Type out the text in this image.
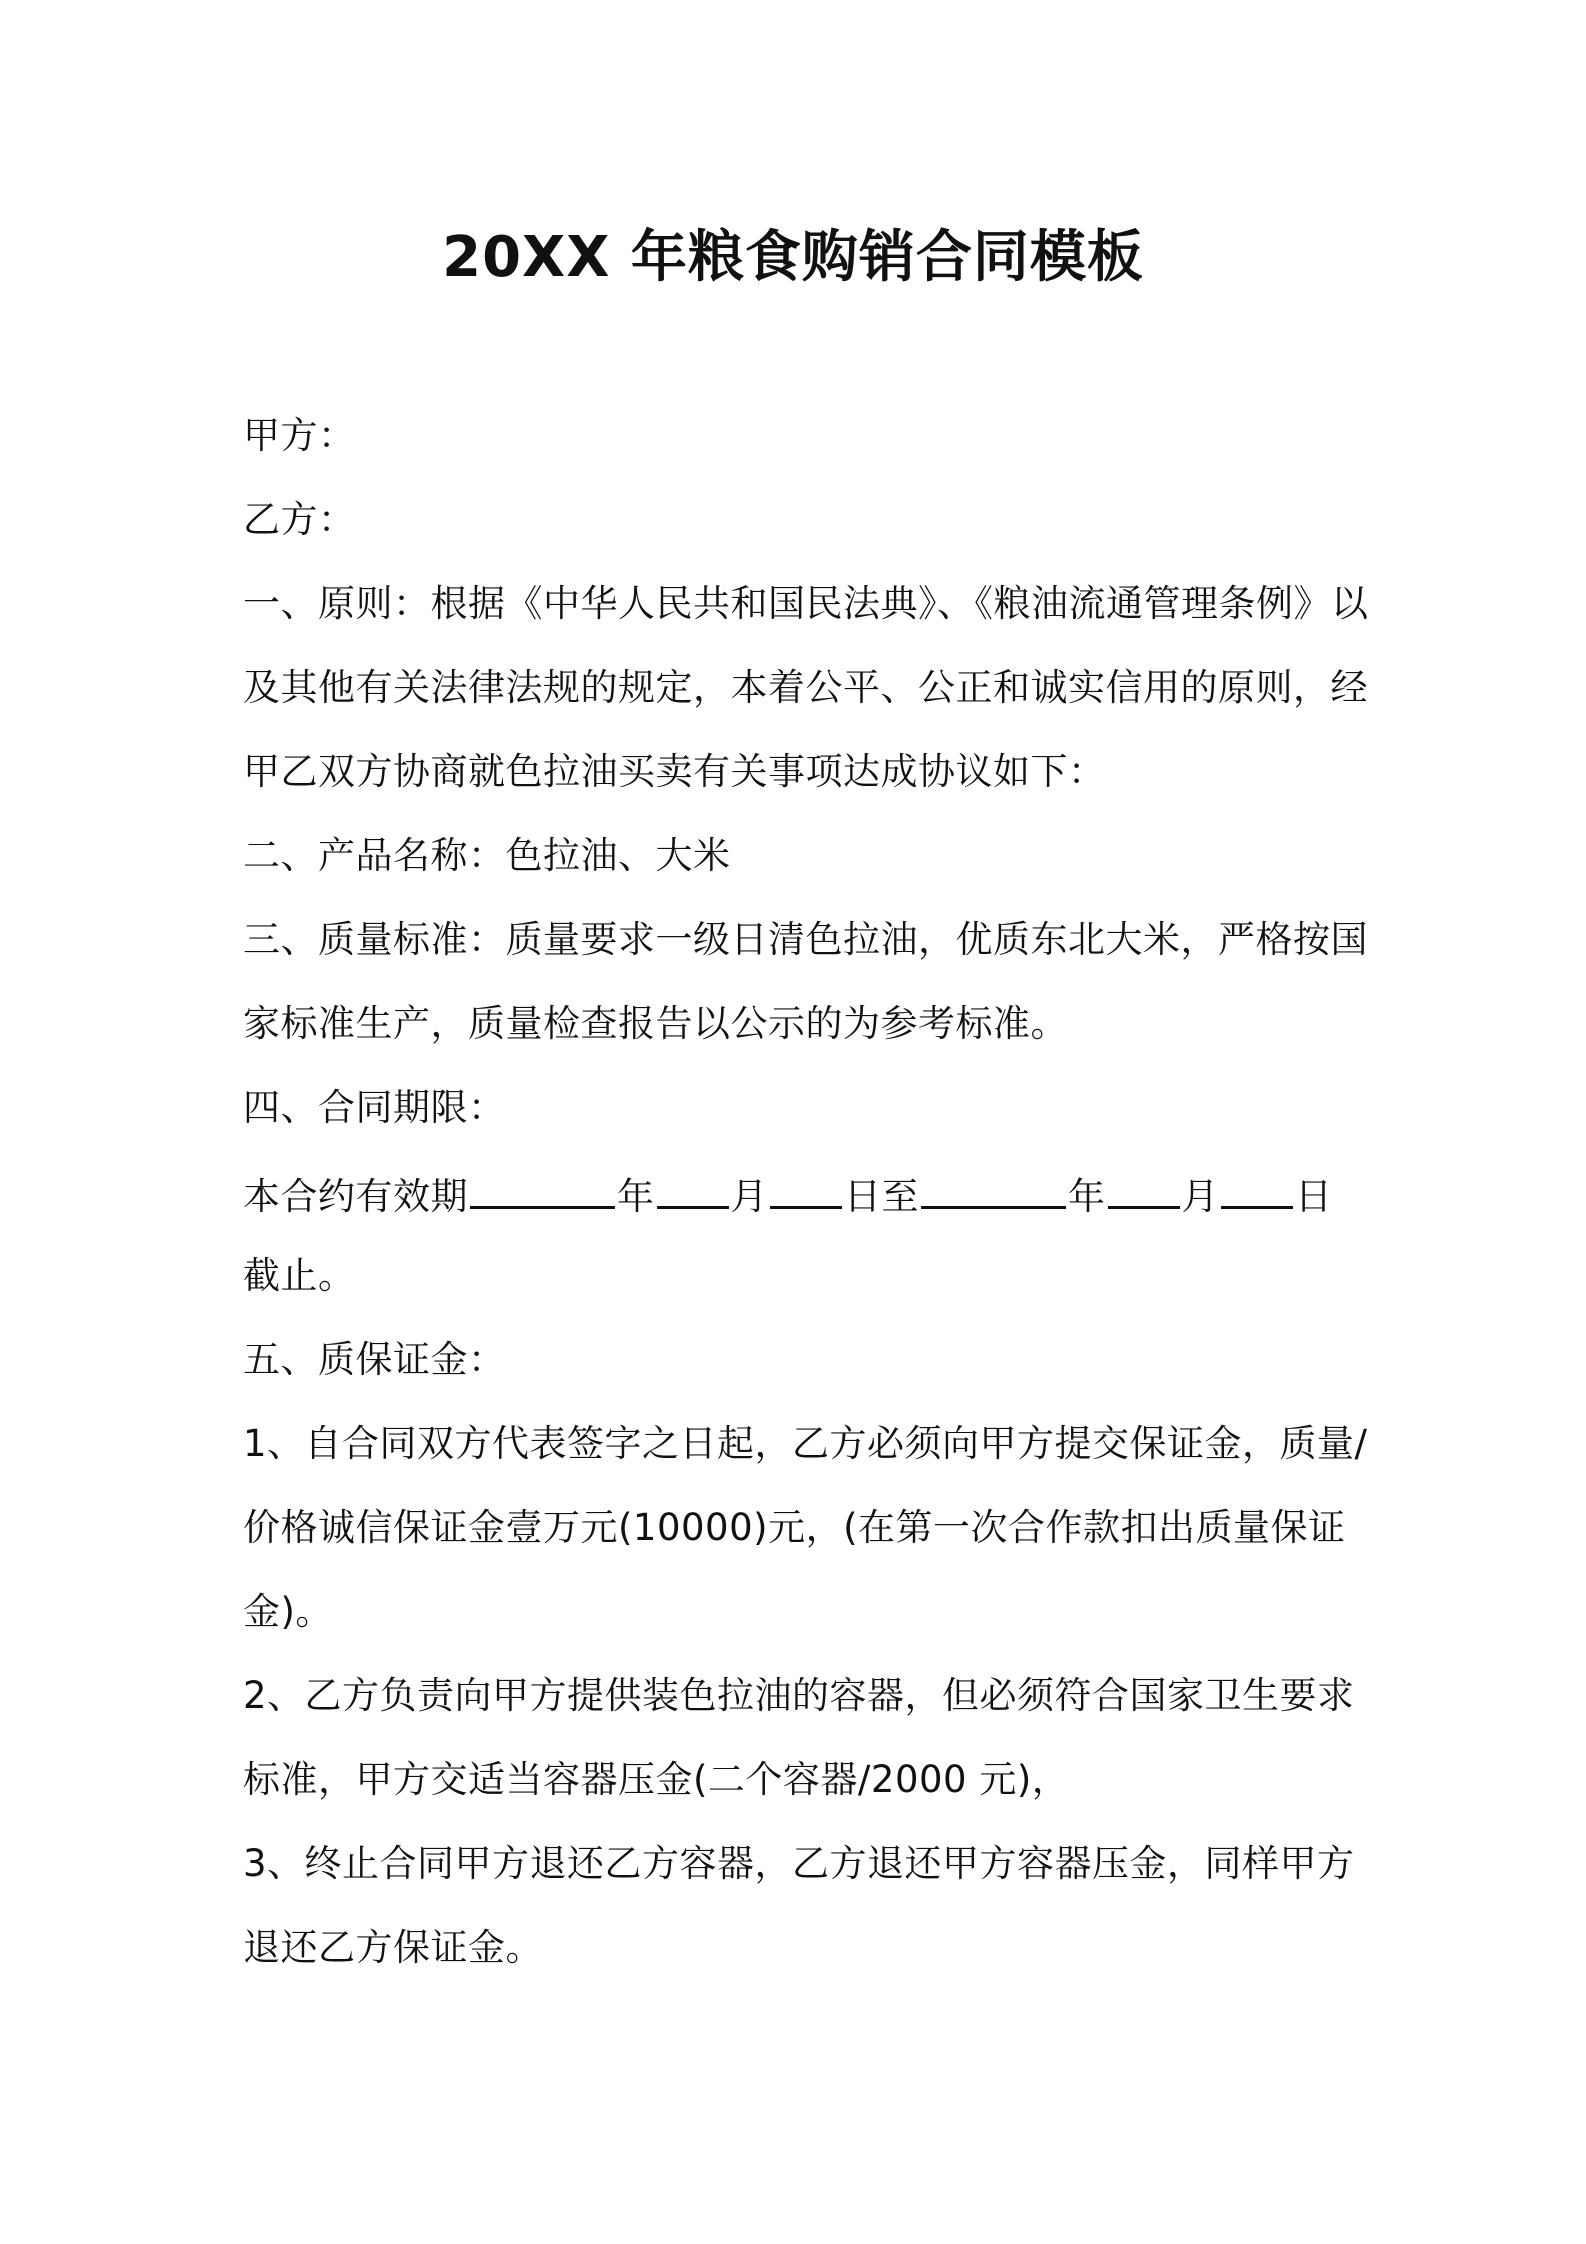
20XX 年粮食购销合同模板
甲方：
乙方：
一、原则：根据《中华人民共和国民法典》、《粮油流通管理条例》以
及其他有关法律法规的规定，本着公平、公正和诚实信用的原则，经
甲乙双方协商就色拉油买卖有关事项达成协议如下：
二、产品名称：色拉油、大米
三、质量标准：质量要求一级日清色拉油，优质东北大米，严格按国
家标准生产，质量检查报告以公示的为参考标准。
四、合同期限：
本合约有效期	年 月 日至	年 月 日
截止。
五、质保证金：
1、自合同双方代表签字之日起，乙方必须向甲方提交保证金，质量/
价格诚信保证金壹万元(10000)元，(在第一次合作款扣出质量保证
金)。
2、乙方负责向甲方提供装色拉油的容器，但必须符合国家卫生要求
标准，甲方交适当容器压金(二个容器/2000 元)，
3、终止合同甲方退还乙方容器，乙方退还甲方容器压金，同样甲方
退还乙方保证金。
